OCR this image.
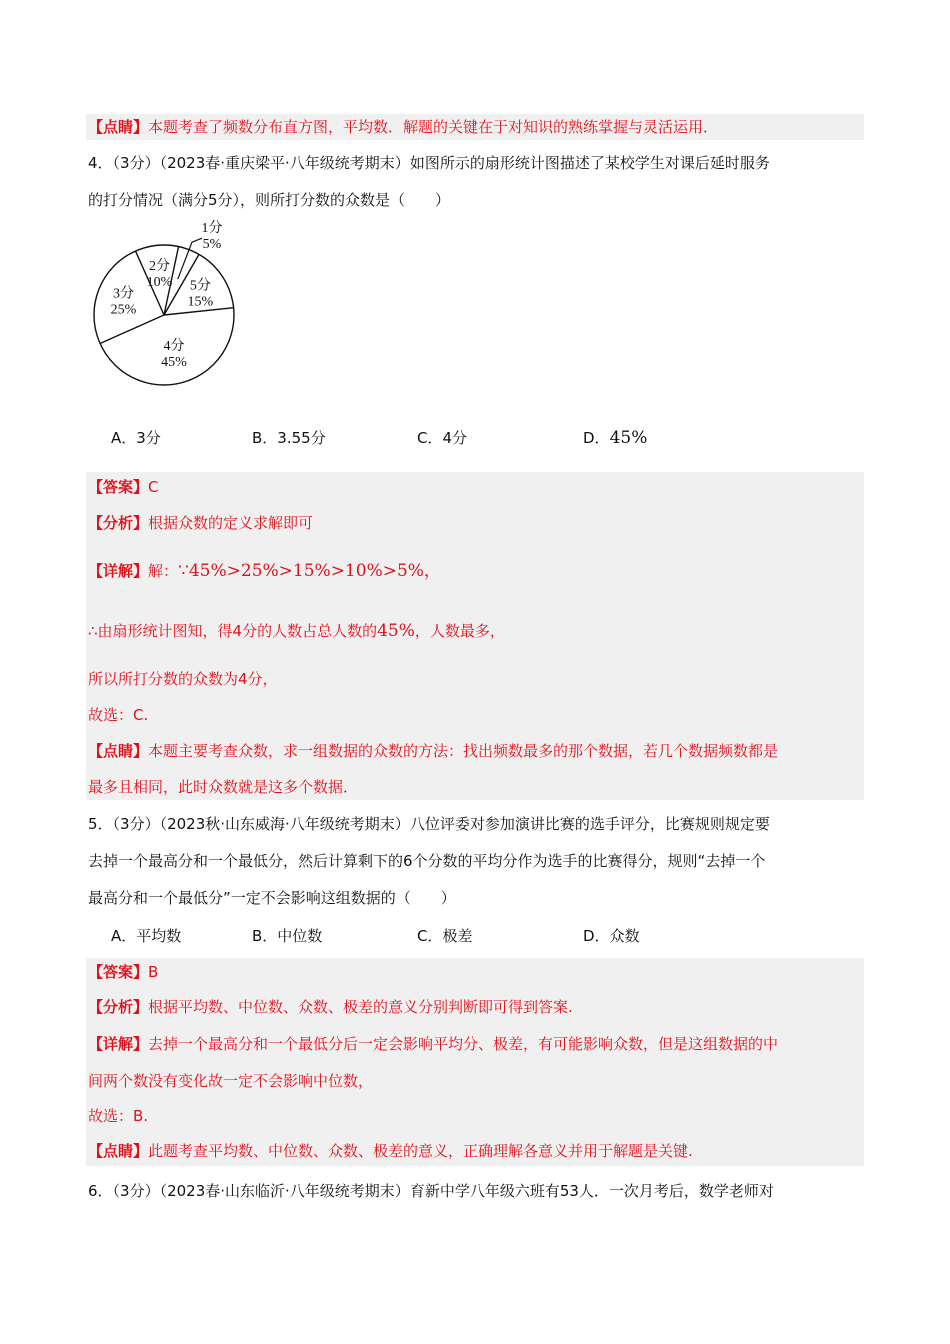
【点睛】本题考查了频数分布直方图，平均数．解题的关键在于对知识的熟练掌握与灵活运用．
4．（3分）（2023春·重庆梁平·八年级统考期末）如图所示的扇形统计图描述了某校学生对课后延时服务
的打分情况（满分5分），则所打分数的众数是（　　）
1分
5%
5分
15%
4分
45%
3分
25%
2分
10%
A．3分	B．3.55分	C．4分	D．45%
【答案】C
【分析】根据众数的定义求解即可
【详解】解：∵45%>25%>15%>10%>5%，
∴由扇形统计图知，得4分的人数占总人数的45%，人数最多，
所以所打分数的众数为4分，
故选：C.
【点睛】本题主要考查众数，求一组数据的众数的方法：找出频数最多的那个数据，若几个数据频数都是
最多且相同，此时众数就是这多个数据．
5．（3分）（2023秋·山东威海·八年级统考期末）八位评委对参加演讲比赛的选手评分，比赛规则规定要
去掉一个最高分和一个最低分，然后计算剩下的6个分数的平均分作为选手的比赛得分，规则“去掉一个
最高分和一个最低分”一定不会影响这组数据的（　　）
A．平均数	B．中位数	C．极差	D．众数
【答案】B
【分析】根据平均数、中位数、众数、极差的意义分别判断即可得到答案.
【详解】去掉一个最高分和一个最低分后一定会影响平均分、极差，有可能影响众数，但是这组数据的中
间两个数没有变化故一定不会影响中位数，
故选：B.
【点睛】此题考查平均数、中位数、众数、极差的意义，正确理解各意义并用于解题是关键.
6．（3分）（2023春·山东临沂·八年级统考期末）育新中学八年级六班有53人．一次月考后，数学老师对
